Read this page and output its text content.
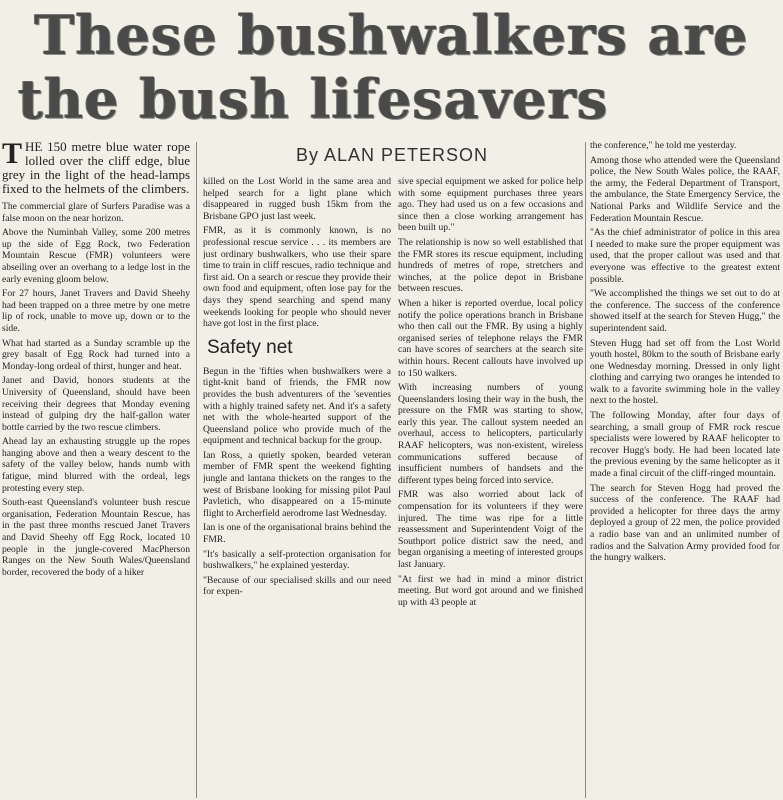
These bushwalkers are
the bush lifesavers
By ALAN PETERSON

THE 150 metre blue water rope lolled over the cliff edge, blue grey in the light of the head-lamps fixed to the helmets of the climbers.

The commercial glare of Surfers Paradise was a false moon on the near horizon.

Above the Numinbah Valley, some 200 metres up the side of Egg Rock, two Federation Mountain Rescue (FMR) volunteers were abseiling over an overhang to a ledge lost in the early evening gloom below.

For 27 hours, Janet Travers and David Sheehy had been trapped on a three metre by one metre lip of rock, unable to move up, down or to the side.

What had started as a Sunday scramble up the grey basalt of Egg Rock had turned into a Monday-long ordeal of thirst, hunger and heat.

Janet and David, honors students at the University of Queensland, should have been receiving their degrees that Monday evening instead of gulping dry the half-gallon water bottle carried by the two rescue climbers.

Ahead lay an exhausting struggle up the ropes hanging above and then a weary descent to the safety of the valley below, hands numb with fatigue, mind blurred with the ordeal, legs protesting every step.

South-east Queensland's volunteer bush rescue organisation, Federation Mountain Rescue, has in the past three months rescued Janet Travers and David Sheehy off Egg Rock, located 10 people in the jungle-covered MacPherson Ranges on the New South Wales/Queensland border, recovered the body of a hiker

killed on the Lost World in the same area and helped search for a light plane which disappeared in rugged bush 15km from the Brisbane GPO just last week.

FMR, as it is commonly known, is no professional rescue service . . . its members are just ordinary bushwalkers, who use their spare time to train in cliff rescues, radio technique and first aid. On a search or rescue they provide their own food and equipment, often lose pay for the days they spend searching and spend many weekends looking for people who should never have got lost in the first place.

Safety net

Begun in the 'fifties when bushwalkers were a tight-knit band of friends, the FMR now provides the bush adventurers of the 'seventies with a highly trained safety net. And it's a safety net with the whole-hearted support of the Queensland police who provide much of the equipment and technical backup for the group.

Ian Ross, a quietly spoken, bearded veteran member of FMR spent the weekend fighting jungle and lantana thickets on the ranges to the west of Brisbane looking for missing pilot Paul Pavletich, who disappeared on a 15-minute flight to Archerfield aerodrome last Wednesday.

Ian is one of the organisational brains behind the FMR.

"It's basically a self-protection organisation for bushwalkers," he explained yesterday.

"Because of our specialised skills and our need for expen-

sive special equipment we asked for police help with some equipment purchases three years ago. They had used us on a few occasions and since then a close working arrangement has been built up."

The relationship is now so well established that the FMR stores its rescue equipment, including hundreds of metres of rope, stretchers and winches, at the police depot in Brisbane between rescues.

When a hiker is reported overdue, local policy notify the police operations branch in Brisbane who then call out the FMR. By using a highly organised series of telephone relays the FMR can have scores of searchers at the search site within hours. Recent callouts have involved up to 150 walkers.

With increasing numbers of young Queenslanders losing their way in the bush, the pressure on the FMR was starting to show, early this year. The callout system needed an overhaul, access to helicopters, particularly RAAF helicopters, was non-existent, wireless communications suffered because of insufficient numbers of handsets and the different types being forced into service.

FMR was also worried about lack of compensation for its volunteers if they were injured. The time was ripe for a little reassessment and Superintendent Voigt of the Southport police district saw the need, and began organising a meeting of interested groups last January.

"At first we had in mind a minor district meeting. But word got around and we finished up with 43 people at

the conference," he told me yesterday.

Among those who attended were the Queensland police, the New South Wales police, the RAAF, the army, the Federal Department of Transport, the ambulance, the State Emergency Service, the National Parks and Wildlife Service and the Federation Mountain Rescue.

"As the chief administrator of police in this area I needed to make sure the proper equipment was used, that the proper callout was used and that everyone was effective to the greatest extent possible.

"We accomplished the things we set out to do at the conference. The success of the conference showed itself at the search for Steven Hugg," the superintendent said.

Steven Hugg had set off from the Lost World youth hostel, 80km to the south of Brisbane early one Wednesday morning. Dressed in only light clothing and carrying two oranges he intended to walk to a favorite swimming hole in the valley next to the hostel.

The following Monday, after four days of searching, a small group of FMR rock rescue specialists were lowered by RAAF helicopter to recover Hugg's body. He had been located late the previous evening by the same helicopter as it made a final circuit of the cliff-ringed mountain.

The search for Steven Hogg had proved the success of the conference. The RAAF had provided a helicopter for three days the army deployed a group of 22 men, the police provided a radio base van and an unlimited number of radios and the Salvation Army provided food for the hungry walkers.
